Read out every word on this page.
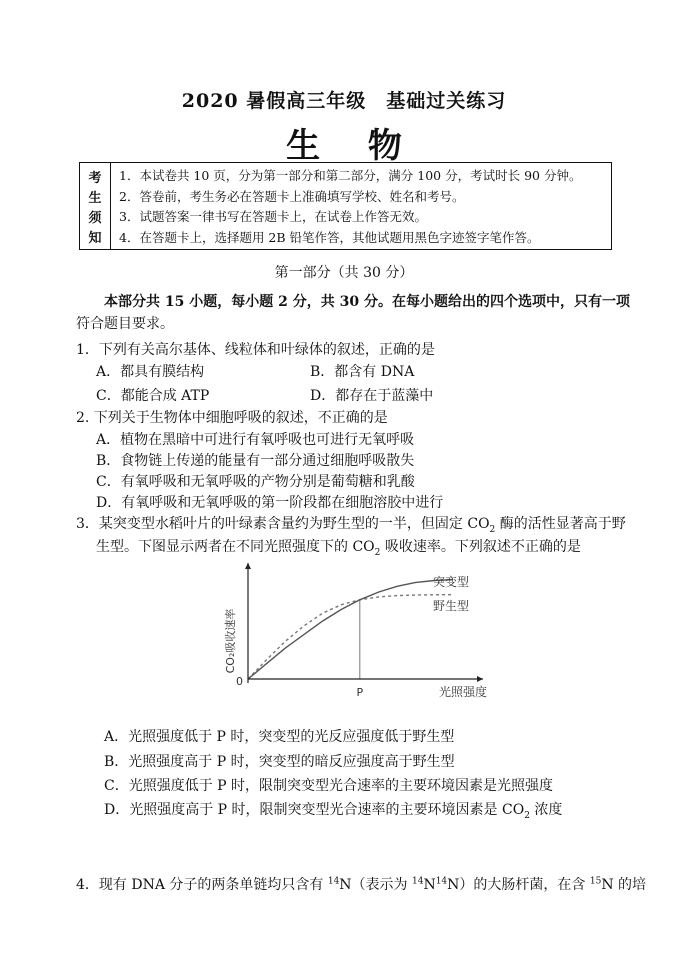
2020 暑假高三年级　基础过关练习
生 物
考
生
须
知
1．本试卷共 10 页，分为第一部分和第二部分，满分 100 分，考试时长 90 分钟。
2．答卷前，考生务必在答题卡上准确填写学校、姓名和考号。
3．试题答案一律书写在答题卡上，在试卷上作答无效。
4．在答题卡上，选择题用 2B 铅笔作答，其他试题用黑色字迹签字笔作答。
第一部分（共 30 分）
本部分共 15 小题，每小题 2 分，共 30 分。在每小题给出的四个选项中，只有一项
符合题目要求。
1．下列有关高尔基体、线粒体和叶绿体的叙述，正确的是
A．都具有膜结构	B．都含有 DNA
C．都能合成 ATP	D．都存在于蓝藻中
2. 下列关于生物体中细胞呼吸的叙述，不正确的是
A．植物在黑暗中可进行有氧呼吸也可进行无氧呼吸
B．食物链上传递的能量有一部分通过细胞呼吸散失
C．有氧呼吸和无氧呼吸的产物分别是葡萄糖和乳酸
D．有氧呼吸和无氧呼吸的第一阶段都在细胞溶胶中进行
3．某突变型水稻叶片的叶绿素含量约为野生型的一半，但固定 $CO_2$ 酶的活性显著高于野
生型。下图显示两者在不同光照强度下的 $CO_2$ 吸收速率。下列叙述不正确的是
CO₂吸收速率
光照强度
0
P
突变型
野生型
A．光照强度低于 P 时，突变型的光反应强度低于野生型
B．光照强度高于 P 时，突变型的暗反应强度高于野生型
C．光照强度低于 P 时，限制突变型光合速率的主要环境因素是光照强度
D．光照强度高于 P 时，限制突变型光合速率的主要环境因素是 $CO_2$ 浓度
4．现有 DNA 分子的两条单链均只含有 $^{14}$N（表示为 $^{14}N^{14}N$）的大肠杆菌，在含 $^{15}$N 的培
